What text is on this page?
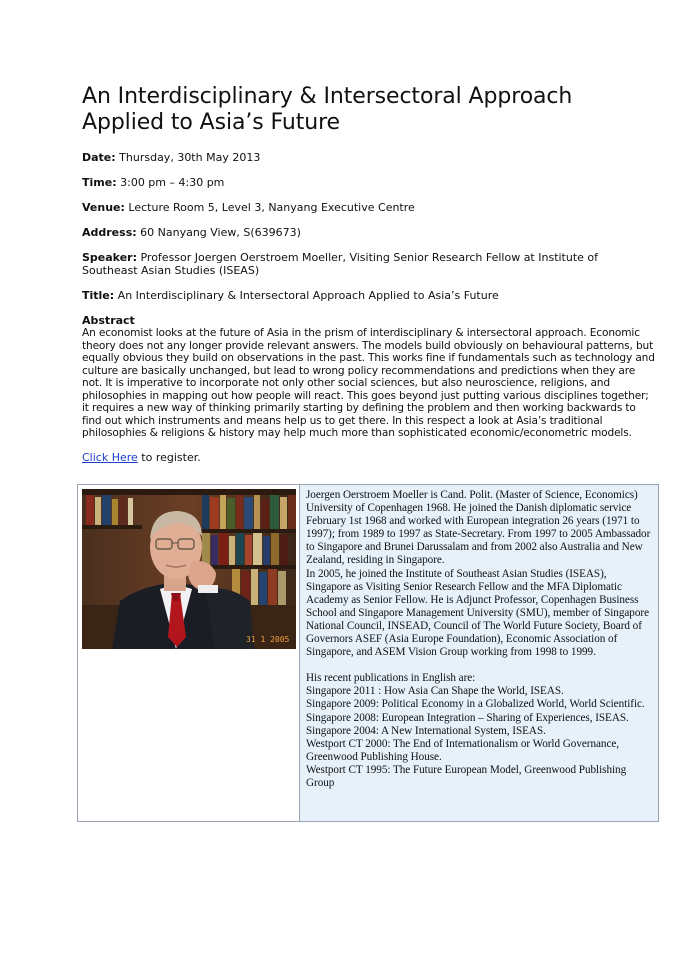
An Interdisciplinary & Intersectoral Approach Applied to Asia’s Future

Date: Thursday, 30th May 2013

Time: 3:00 pm – 4:30 pm

Venue: Lecture Room 5, Level 3, Nanyang Executive Centre

Address: 60 Nanyang View, S(639673)

Speaker: Professor Joergen Oerstroem Moeller, Visiting Senior Research Fellow at Institute of Southeast Asian Studies (ISEAS)

Title: An Interdisciplinary & Intersectoral Approach Applied to Asia’s Future

Abstract

An economist looks at the future of Asia in the prism of interdisciplinary & intersectoral approach. Economic theory does not any longer provide relevant answers. The models build obviously on behavioural patterns, but equally obvious they build on observations in the past. This works fine if fundamentals such as technology and culture are basically unchanged, but lead to wrong policy recommendations and predictions when they are not. It is imperative to incorporate not only other social sciences, but also neuroscience, religions, and philosophies in mapping out how people will react. This goes beyond just putting various disciplines together; it requires a new way of thinking primarily starting by defining the problem and then working backwards to find out which instruments and means help us to get there. In this respect a look at Asia’s traditional philosophies & religions & history may help much more than sophisticated economic/econometric models.

Click Here to register.

31 1 2005

Joergen Oerstroem Moeller is Cand. Polit. (Master of Science, Economics) University of Copenhagen 1968. He joined the Danish diplomatic service February 1st 1968 and worked with European integration 26 years (1971 to 1997); from 1989 to 1997 as State-Secretary. From 1997 to 2005 Ambassador to Singapore and Brunei Darussalam and from 2002 also Australia and New Zealand, residing in Singapore.

In 2005, he joined the Institute of Southeast Asian Studies (ISEAS), Singapore as Visiting Senior Research Fellow and the MFA Diplomatic Academy as Senior Fellow. He is Adjunct Professor, Copenhagen Business School and Singapore Management University (SMU), member of Singapore National Council, INSEAD, Council of The World Future Society, Board of Governors ASEF (Asia Europe Foundation), Economic Association of Singapore, and ASEM Vision Group working from 1998 to 1999.

His recent publications in English are:

Singapore 2011 : How Asia Can Shape the World, ISEAS.
Singapore 2009: Political Economy in a Globalized World, World Scientific.
Singapore 2008: European Integration – Sharing of Experiences, ISEAS.
Singapore 2004: A New International System, ISEAS.
Westport CT 2000: The End of Internationalism or World Governance, Greenwood Publishing House.
Westport CT 1995: The Future European Model, Greenwood Publishing Group
